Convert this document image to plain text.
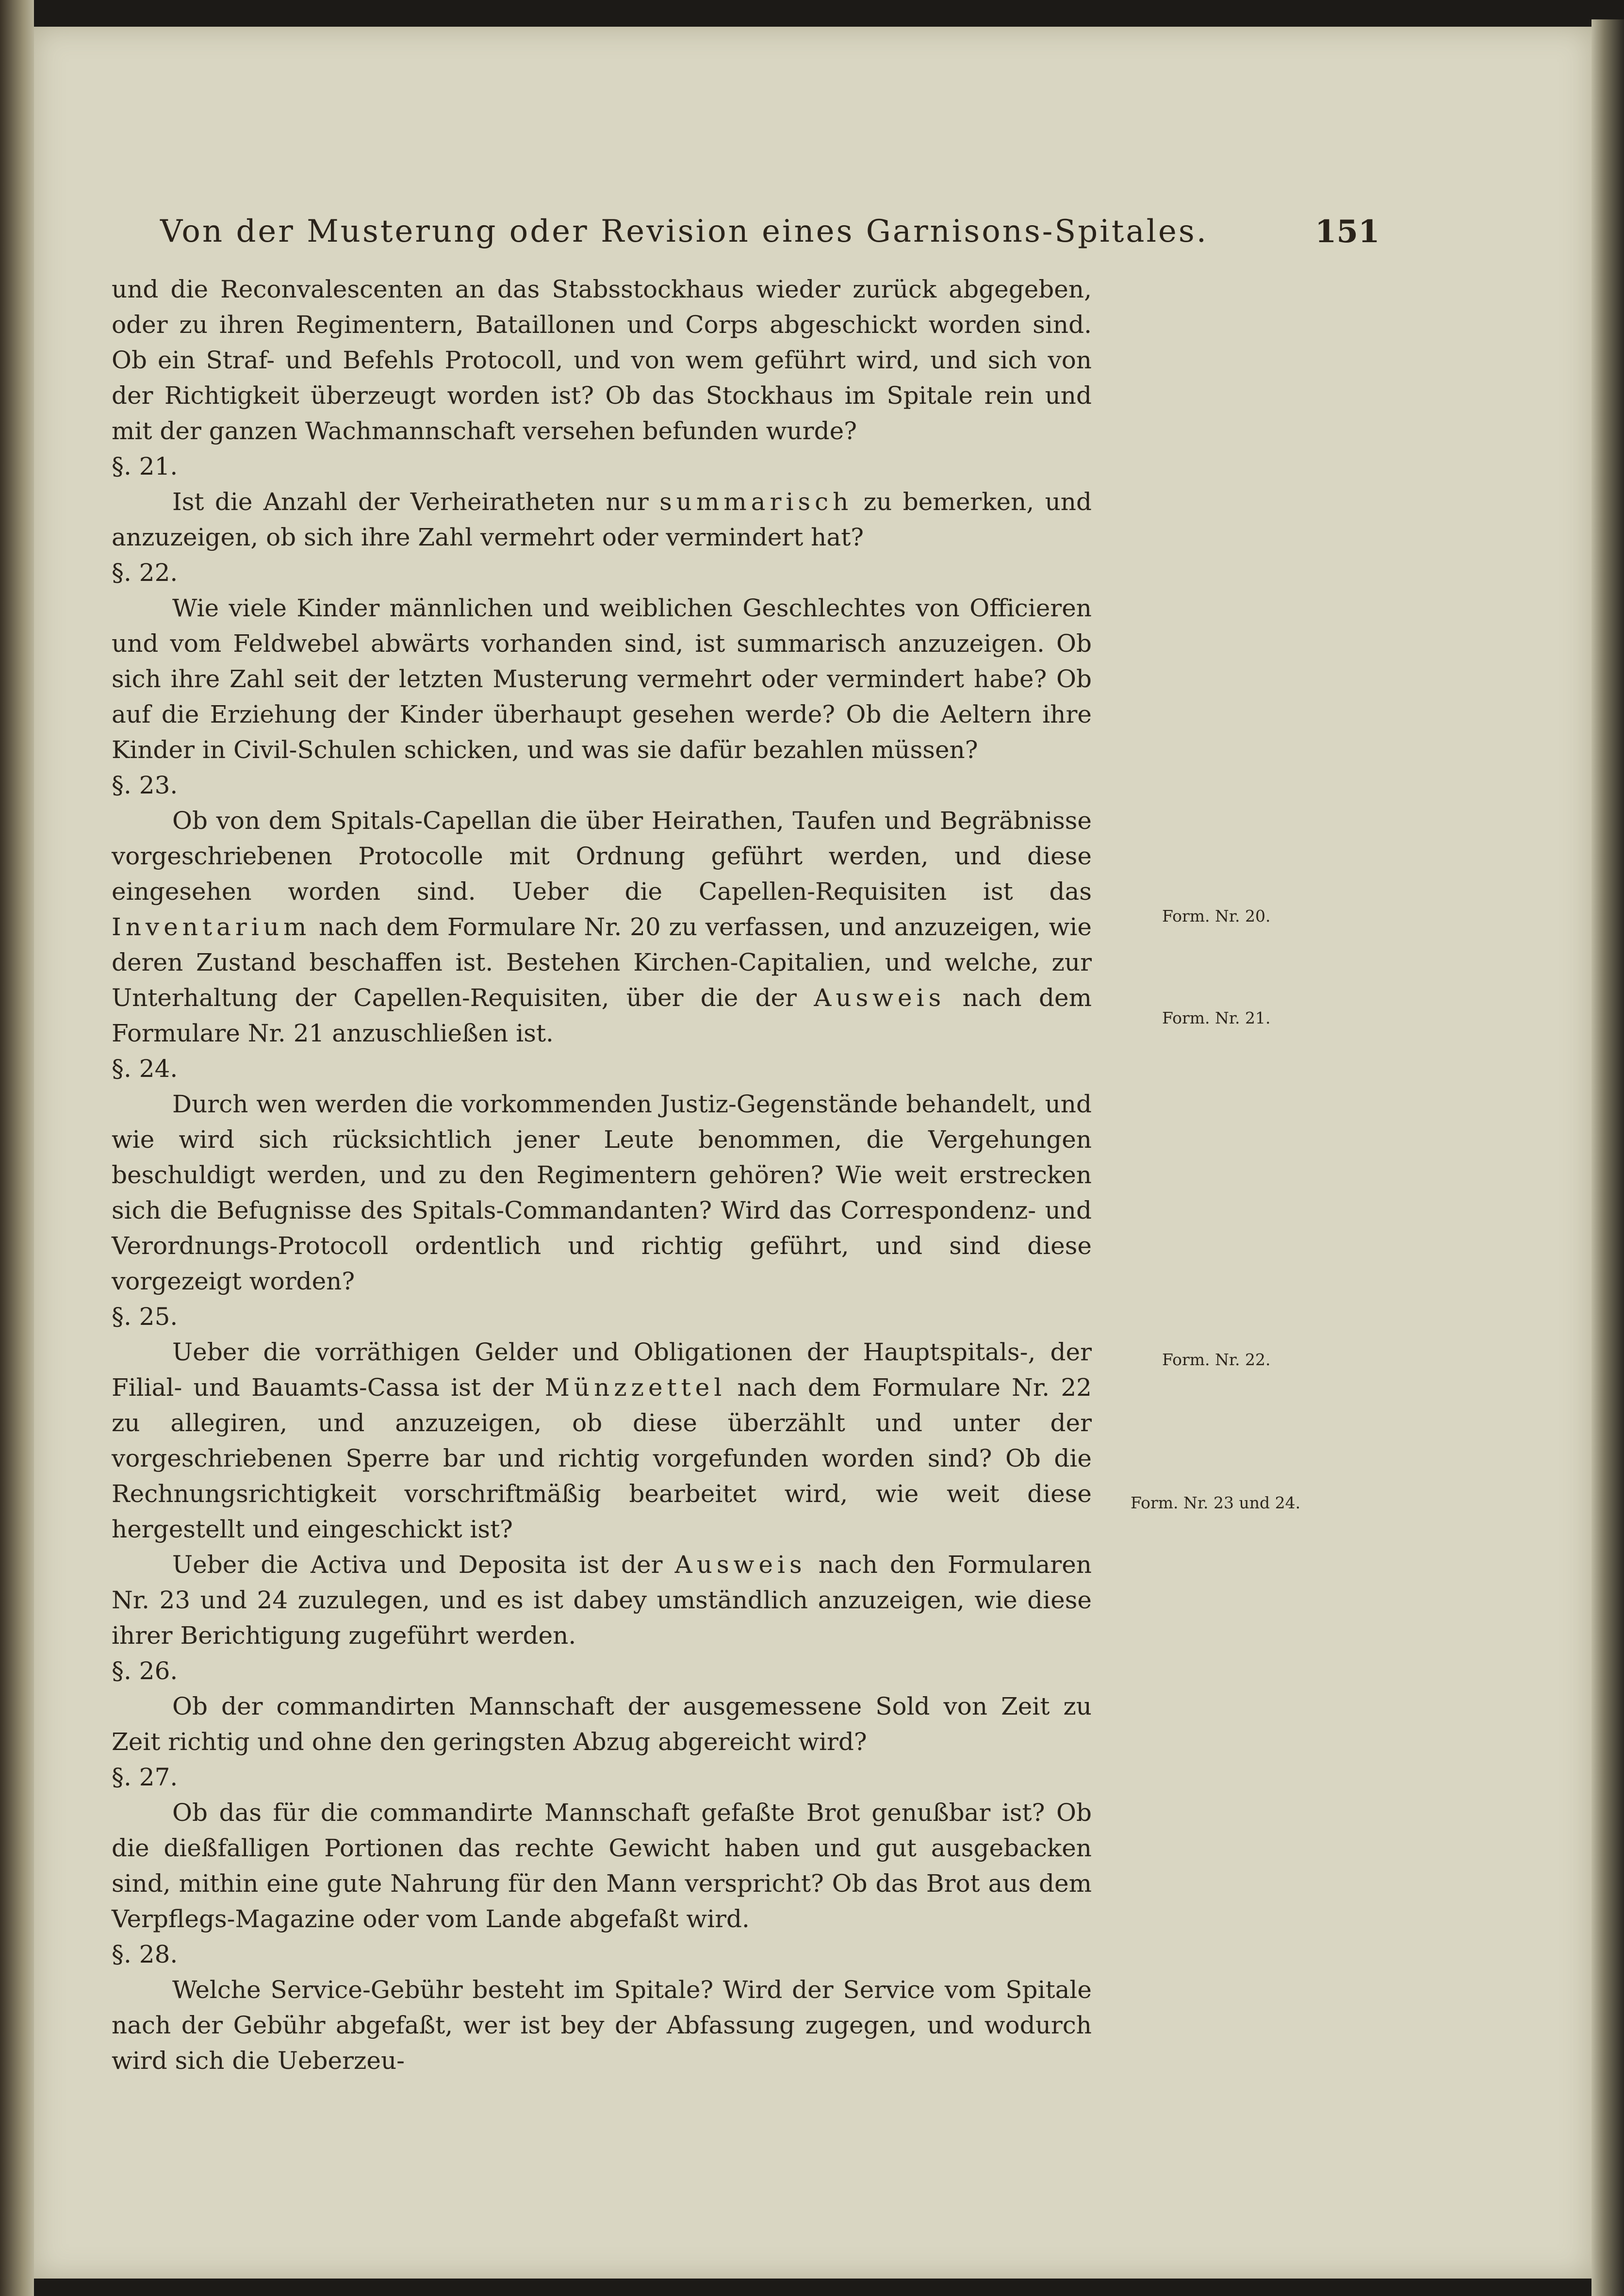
Von der Musterung oder Revision eines Garnisons-Spitales.	151

und die Reconvalescenten an das Stabsstockhaus wieder zurück abgegeben, oder zu ihren Regimentern, Bataillonen und Corps abgeschickt worden sind. Ob ein Straf- und Befehls Protocoll, und von wem geführt wird, und sich von der Richtigkeit überzeugt worden ist? Ob das Stockhaus im Spitale rein und mit der ganzen Wachmannschaft versehen befunden wurde?

§. 21.

Ist die Anzahl der Verheiratheten nur summarisch zu bemerken, und anzuzeigen, ob sich ihre Zahl vermehrt oder vermindert hat?

§. 22.

Wie viele Kinder männlichen und weiblichen Geschlechtes von Officieren und vom Feldwebel abwärts vorhanden sind, ist summarisch anzuzeigen. Ob sich ihre Zahl seit der letzten Musterung vermehrt oder vermindert habe? Ob auf die Erziehung der Kinder überhaupt gesehen werde? Ob die Aeltern ihre Kinder in Civil-Schulen schicken, und was sie dafür bezahlen müssen?

§. 23.

Ob von dem Spitals-Capellan die über Heirathen, Taufen und Begräbnisse vorgeschriebenen Protocolle mit Ordnung geführt werden, und diese eingesehen worden sind. Ueber die Capellen-Requisiten ist das Inventarium nach dem Formulare Nr. 20 zu verfassen, und anzuzeigen, wie deren Zustand beschaffen ist. Bestehen Kirchen-Capitalien, und welche, zur Unterhaltung der Capellen-Requisiten, über die der Ausweis nach dem Formulare Nr. 21 anzuschließen ist.

§. 24.

Durch wen werden die vorkommenden Justiz-Gegenstände behandelt, und wie wird sich rücksichtlich jener Leute benommen, die Vergehungen beschuldigt werden, und zu den Regimentern gehören? Wie weit erstrecken sich die Befugnisse des Spitals-Commandanten? Wird das Correspondenz- und Verordnungs-Protocoll ordentlich und richtig geführt, und sind diese vorgezeigt worden?

§. 25.

Ueber die vorräthigen Gelder und Obligationen der Hauptspitals-, der Filial- und Bauamts-Cassa ist der Münzzettel nach dem Formulare Nr. 22 zu allegiren, und anzuzeigen, ob diese überzählt und unter der vorgeschriebenen Sperre bar und richtig vorgefunden worden sind? Ob die Rechnungsrichtigkeit vorschriftmäßig bearbeitet wird, wie weit diese hergestellt und eingeschickt ist?

Ueber die Activa und Deposita ist der Ausweis nach den Formularen Nr. 23 und 24 zuzulegen, und es ist dabey umständlich anzuzeigen, wie diese ihrer Berichtigung zugeführt werden.

§. 26.

Ob der commandirten Mannschaft der ausgemessene Sold von Zeit zu Zeit richtig und ohne den geringsten Abzug abgereicht wird?

§. 27.

Ob das für die commandirte Mannschaft gefaßte Brot genußbar ist? Ob die dießfalligen Portionen das rechte Gewicht haben und gut ausgebacken sind, mithin eine gute Nahrung für den Mann verspricht? Ob das Brot aus dem Verpflegs-Magazine oder vom Lande abgefaßt wird.

§. 28.

Welche Service-Gebühr besteht im Spitale? Wird der Service vom Spitale nach der Gebühr abgefaßt, wer ist bey der Abfassung zugegen, und wodurch wird sich die Ueberzeu-

Form. Nr. 20.
Form. Nr. 21.
Form. Nr. 22.
Form. Nr. 23 und 24.
